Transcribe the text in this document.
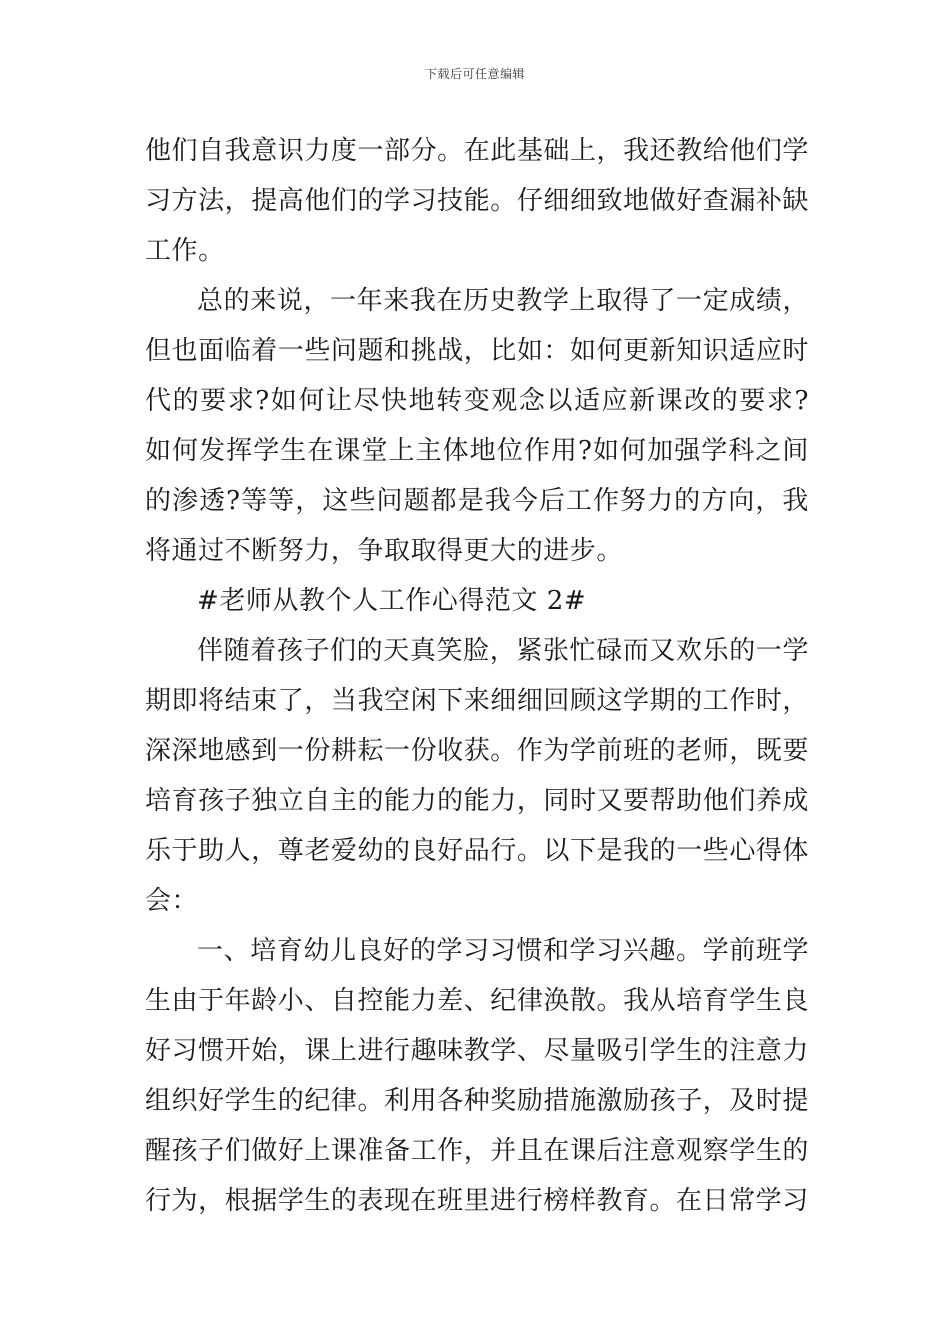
下载后可任意编辑

他们自我意识力度一部分。在此基础上，我还教给他们学习方法，提高他们的学习技能。仔细细致地做好查漏补缺工作。

总的来说，一年来我在历史教学上取得了一定成绩，但也面临着一些问题和挑战，比如：如何更新知识适应时代的要求?如何让尽快地转变观念以适应新课改的要求?如何发挥学生在课堂上主体地位作用?如何加强学科之间的渗透?等等，这些问题都是我今后工作努力的方向，我将通过不断努力，争取取得更大的进步。

#老师从教个人工作心得范文 2#

伴随着孩子们的天真笑脸，紧张忙碌而又欢乐的一学期即将结束了，当我空闲下来细细回顾这学期的工作时，深深地感到一份耕耘一份收获。作为学前班的老师，既要培育孩子独立自主的能力的能力，同时又要帮助他们养成乐于助人，尊老爱幼的良好品行。以下是我的一些心得体会：

一、培育幼儿良好的学习习惯和学习兴趣。学前班学生由于年龄小、自控能力差、纪律涣散。我从培育学生良好习惯开始，课上进行趣味教学、尽量吸引学生的注意力组织好学生的纪律。利用各种奖励措施激励孩子，及时提醒孩子们做好上课准备工作，并且在课后注意观察学生的行为，根据学生的表现在班里进行榜样教育。在日常学习
